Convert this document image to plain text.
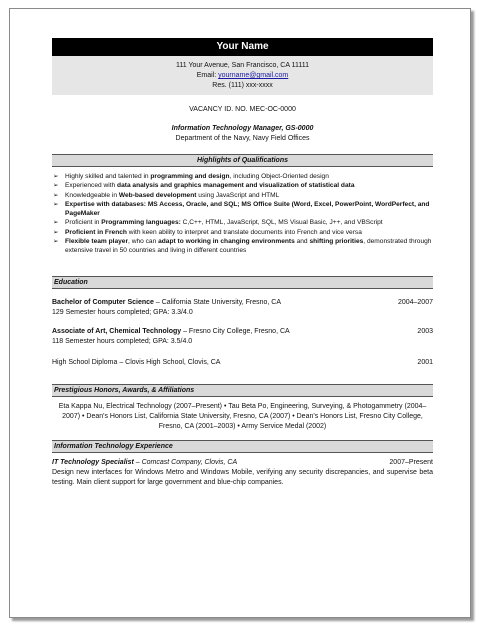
Your Name
111 Your Avenue, San Francisco, CA 11111
Email: yourname@gmail.com
Res. (111) xxx-xxxx
VACANCY ID. NO. MEC-OC-0000
Information Technology Manager, GS-0000
Department of the Navy, Navy Field Offices
Highlights of Qualifications
➢ Highly skilled and talented in programming and design, including Object-Oriented design
➢ Experienced with data analysis and graphics management and visualization of statistical data
➢ Knowledgeable in Web-based development using JavaScript and HTML
➢ Expertise with databases: MS Access, Oracle, and SQL; MS Office Suite (Word, Excel, PowerPoint, WordPerfect, and PageMaker
➢ Proficient in Programming languages: C,C++, HTML, JavaScript, SQL, MS Visual Basic, J++, and VBScript
➢ Proficient in French with keen ability to interpret and translate documents into French and vice versa
➢ Flexible team player, who can adapt to working in changing environments and shifting priorities, demonstrated through extensive travel in 50 countries and living in different countries
Education
Bachelor of Computer Science – California State University, Fresno, CA	2004–2007
129 Semester hours completed; GPA: 3.3/4.0
Associate of Art, Chemical Technology – Fresno City College, Fresno, CA	2003
118 Semester hours completed; GPA: 3.5/4.0
High School Diploma – Clovis High School, Clovis, CA	2001
Prestigious Honors, Awards, & Affiliations
Eta Kappa Nu, Electrical Technology (2007–Present) • Tau Beta Po, Engineering, Surveying, & Photogammetry (2004–2007) • Dean's Honors List, California State University, Fresno, CA (2007) • Dean's Honors List, Fresno City College, Fresno, CA (2001–2003) • Army Service Medal (2002)
Information Technology Experience
IT Technology Specialist – Comcast Company, Clovis, CA	2007–Present
Design new interfaces for Windows Metro and Windows Mobile, verifying any security discrepancies, and supervise beta testing. Main client support for large government and blue-chip companies.
